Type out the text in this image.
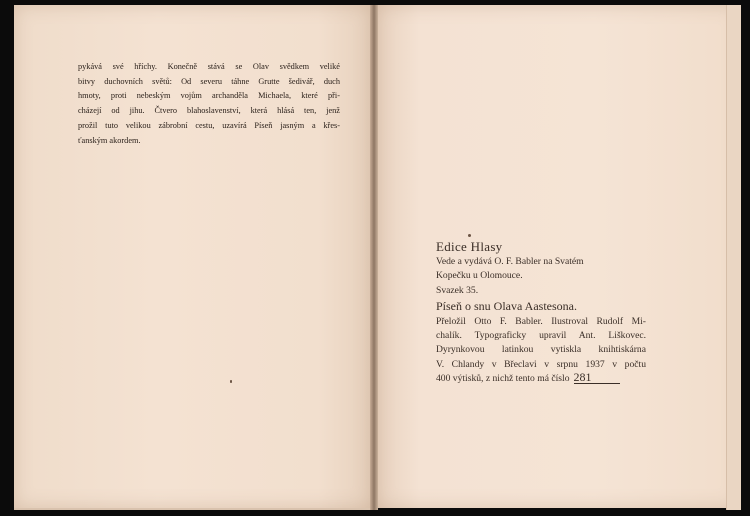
pykává své hříchy. Konečně stává se Olav svědkem veliké
bitvy duchovních světů: Od severu táhne Grutte šedivář, duch
hmoty, proti nebeským vojům archanděla Michaela, které při-
cházejí od jihu. Čtvero blahoslavenství, která hlásá ten, jenž
prožil tuto velikou zábrobní cestu, uzavírá Píseň jasným a křes-
ťanským akordem.
Edice Hlasy
Vede a vydává O. F. Babler na Svatém
Kopečku u Olomouce.
Svazek 35.
Píseň o snu Olava Aastesona.
Přeložil Otto F. Babler. Ilustroval Rudolf Mi-
chalík. Typograficky upravil Ant. Liškovec.
Dyrynkovou latinkou vytiskla knihtiskárna
V. Chlandy v Břeclavi v srpnu 1937 v počtu
400 výtisků, z nichž tento má číslo 281
